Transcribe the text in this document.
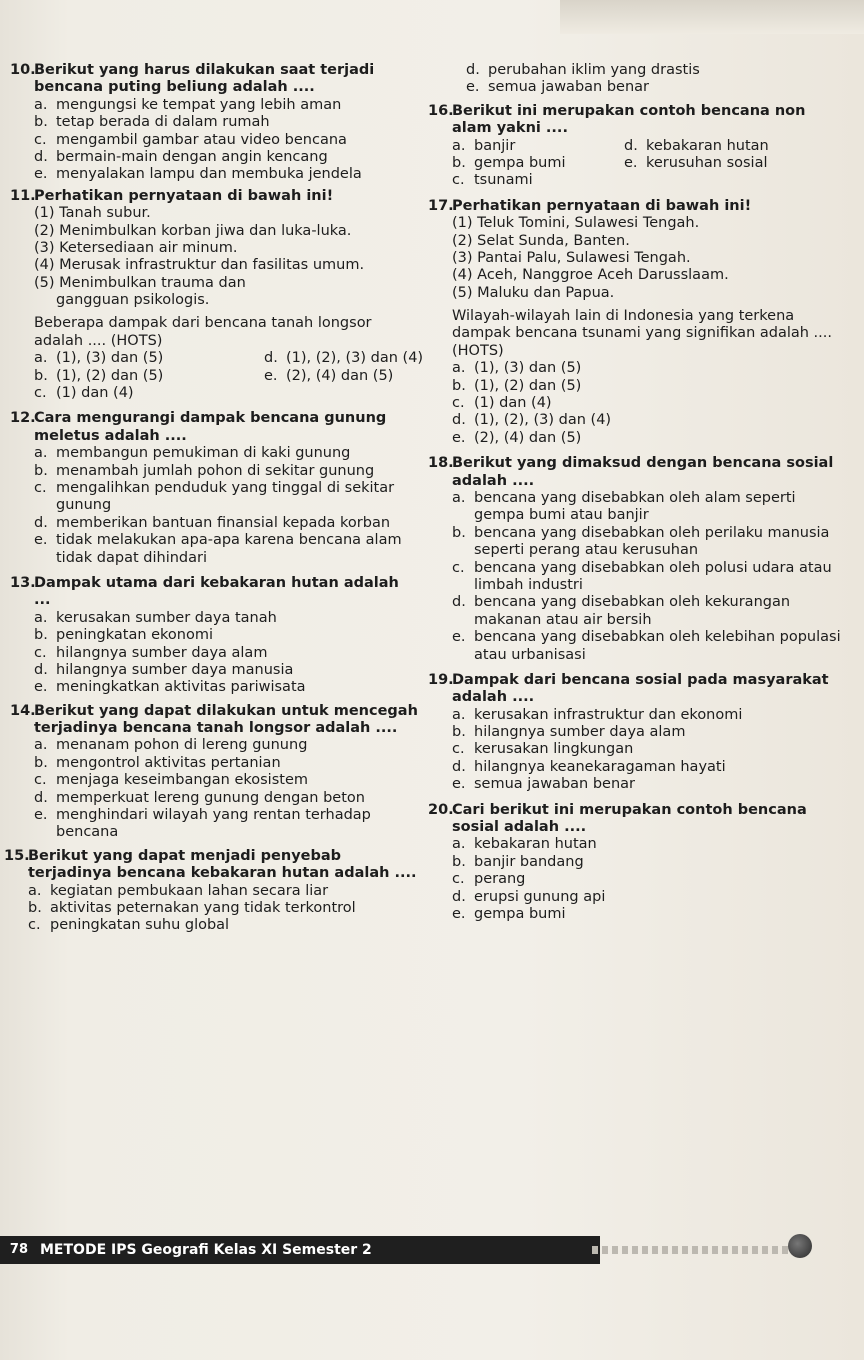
10.
Berikut yang harus dilakukan saat terjadi bencana puting beliung adalah ....
a. mengungsi ke tempat yang lebih aman
b. tetap berada di dalam rumah
c. mengambil gambar atau video bencana
d. bermain-main dengan angin kencang
e. menyalakan lampu dan membuka jendela
11.
Perhatikan pernyataan di bawah ini!
(1) Tanah subur.
(2) Menimbulkan korban jiwa dan luka-luka.
(3) Ketersediaan air minum.
(4) Merusak infrastruktur dan fasilitas umum.
(5) Menimbulkan trauma dan gangguan psikologis.
Beberapa dampak dari bencana tanah longsor adalah .... (HOTS)
a. (1), (3) dan (5)	d. (1), (2), (3) dan (4)
b. (1), (2) dan (5)	e. (2), (4) dan (5)
c. (1) dan (4)
12.
Cara mengurangi dampak bencana gunung meletus adalah ....
a. membangun pemukiman di kaki gunung
b. menambah jumlah pohon di sekitar gunung
c. mengalihkan penduduk yang tinggal di sekitar gunung
d. memberikan bantuan finansial kepada korban
e. tidak melakukan apa-apa karena bencana alam tidak dapat dihindari
13.
Dampak utama dari kebakaran hutan adalah ...
a. kerusakan sumber daya tanah
b. peningkatan ekonomi
c. hilangnya sumber daya alam
d. hilangnya sumber daya manusia
e. meningkatkan aktivitas pariwisata
14.
Berikut yang dapat dilakukan untuk mencegah terjadinya bencana tanah longsor adalah ....
a. menanam pohon di lereng gunung
b. mengontrol aktivitas pertanian
c. menjaga keseimbangan ekosistem
d. memperkuat lereng gunung dengan beton
e. menghindari wilayah yang rentan terhadap bencana
15.
Berikut yang dapat menjadi penyebab terjadinya bencana kebakaran hutan adalah ....
a. kegiatan pembukaan lahan secara liar
b. aktivitas peternakan yang tidak terkontrol
c. peningkatan suhu global
d. perubahan iklim yang drastis
e. semua jawaban benar
16.
Berikut ini merupakan contoh bencana non alam yakni ....
a. banjir	d. kebakaran hutan
b. gempa bumi	e. kerusuhan sosial
c. tsunami
17.
Perhatikan pernyataan di bawah ini!
(1) Teluk Tomini, Sulawesi Tengah.
(2) Selat Sunda, Banten.
(3) Pantai Palu, Sulawesi Tengah.
(4) Aceh, Nanggroe Aceh Darusslaam.
(5) Maluku dan Papua.
Wilayah-wilayah lain di Indonesia yang terkena dampak bencana tsunami yang signifikan adalah .... (HOTS)
a. (1), (3) dan (5)
b. (1), (2) dan (5)
c. (1) dan (4)
d. (1), (2), (3) dan (4)
e. (2), (4) dan (5)
18.
Berikut yang dimaksud dengan bencana sosial adalah ....
a. bencana yang disebabkan oleh alam seperti gempa bumi atau banjir
b. bencana yang disebabkan oleh perilaku manusia seperti perang atau kerusuhan
c. bencana yang disebabkan oleh polusi udara atau limbah industri
d. bencana yang disebabkan oleh kekurangan makanan atau air bersih
e. bencana yang disebabkan oleh kelebihan populasi atau urbanisasi
19.
Dampak dari bencana sosial pada masyarakat adalah ....
a. kerusakan infrastruktur dan ekonomi
b. hilangnya sumber daya alam
c. kerusakan lingkungan
d. hilangnya keanekaragaman hayati
e. semua jawaban benar
20.
Cari berikut ini merupakan contoh bencana sosial adalah ....
a. kebakaran hutan
b. banjir bandang
c. perang
d. erupsi gunung api
e. gempa bumi
78 METODE IPS Geografi Kelas XI Semester 2
